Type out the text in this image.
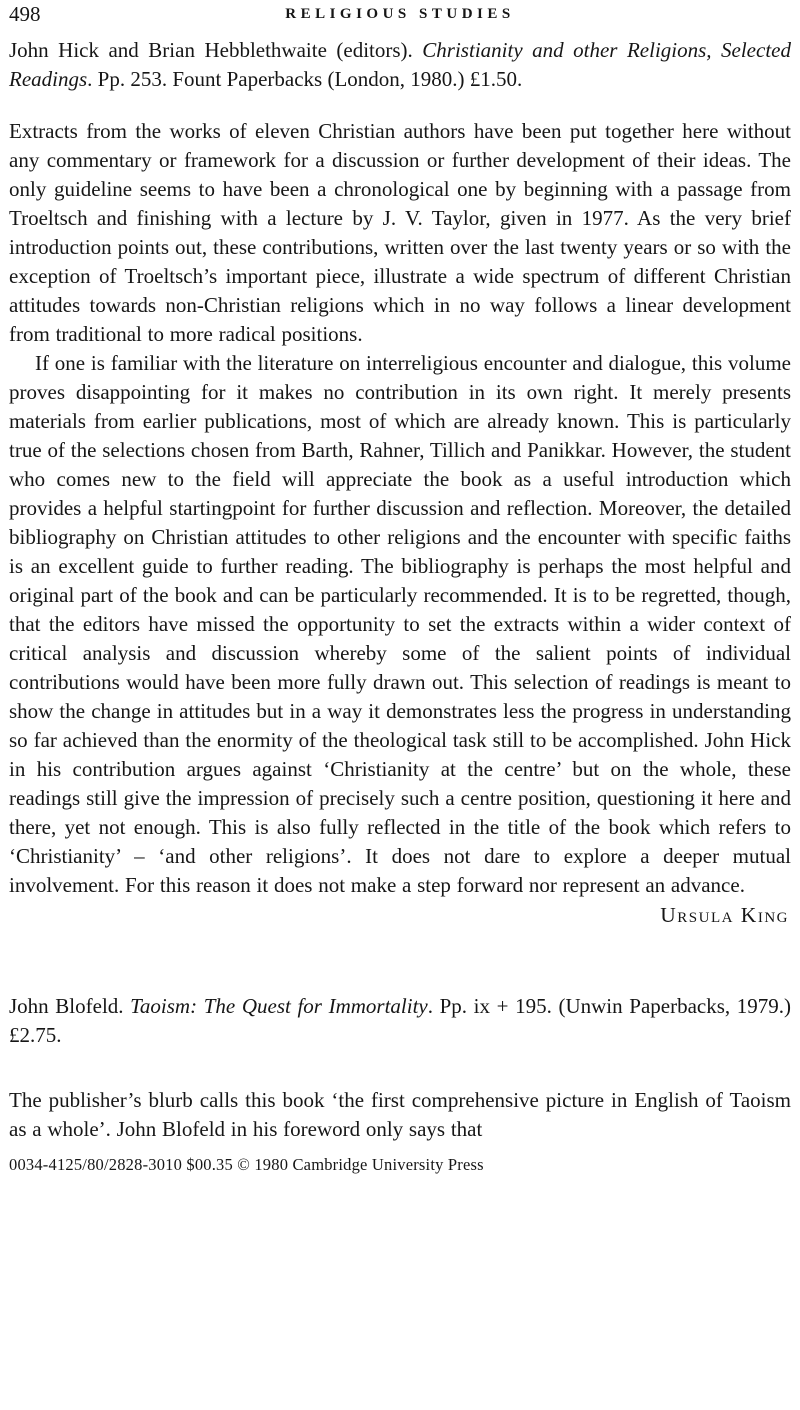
498	RELIGIOUS STUDIES

John Hick and Brian Hebblethwaite (editors). Christianity and other Religions, Selected Readings. Pp. 253. Fount Paperbacks (London, 1980.) £1.50.

Extracts from the works of eleven Christian authors have been put together here without any commentary or framework for a discussion or further development of their ideas. The only guideline seems to have been a chronological one by beginning with a passage from Troeltsch and finishing with a lecture by J. V. Taylor, given in 1977. As the very brief introduction points out, these contributions, written over the last twenty years or so with the exception of Troeltsch’s important piece, illustrate a wide spectrum of different Christian attitudes towards non-Christian religions which in no way follows a linear development from traditional to more radical positions.

If one is familiar with the literature on interreligious encounter and dialogue, this volume proves disappointing for it makes no contribution in its own right. It merely presents materials from earlier publications, most of which are already known. This is particularly true of the selections chosen from Barth, Rahner, Tillich and Panikkar. However, the student who comes new to the field will appreciate the book as a useful introduction which provides a helpful startingpoint for further discussion and reflection. Moreover, the detailed bibliography on Christian attitudes to other religions and the encounter with specific faiths is an excellent guide to further reading. The bibliography is perhaps the most helpful and original part of the book and can be particularly recommended. It is to be regretted, though, that the editors have missed the opportunity to set the extracts within a wider context of critical analysis and discussion whereby some of the salient points of individual contributions would have been more fully drawn out. This selection of readings is meant to show the change in attitudes but in a way it demonstrates less the progress in understanding so far achieved than the enormity of the theological task still to be accomplished. John Hick in his contribution argues against ‘Christianity at the centre’ but on the whole, these readings still give the impression of precisely such a centre position, questioning it here and there, yet not enough. This is also fully reflected in the title of the book which refers to ‘Christianity’ – ‘and other religions’. It does not dare to explore a deeper mutual involvement. For this reason it does not make a step forward nor represent an advance.

Ursula King

John Blofeld. Taoism: The Quest for Immortality. Pp. ix + 195. (Unwin Paperbacks, 1979.) £2.75.

The publisher’s blurb calls this book ‘the first comprehensive picture in English of Taoism as a whole’. John Blofeld in his foreword only says that

0034-4125/80/2828-3010 $00.35 © 1980 Cambridge University Press
